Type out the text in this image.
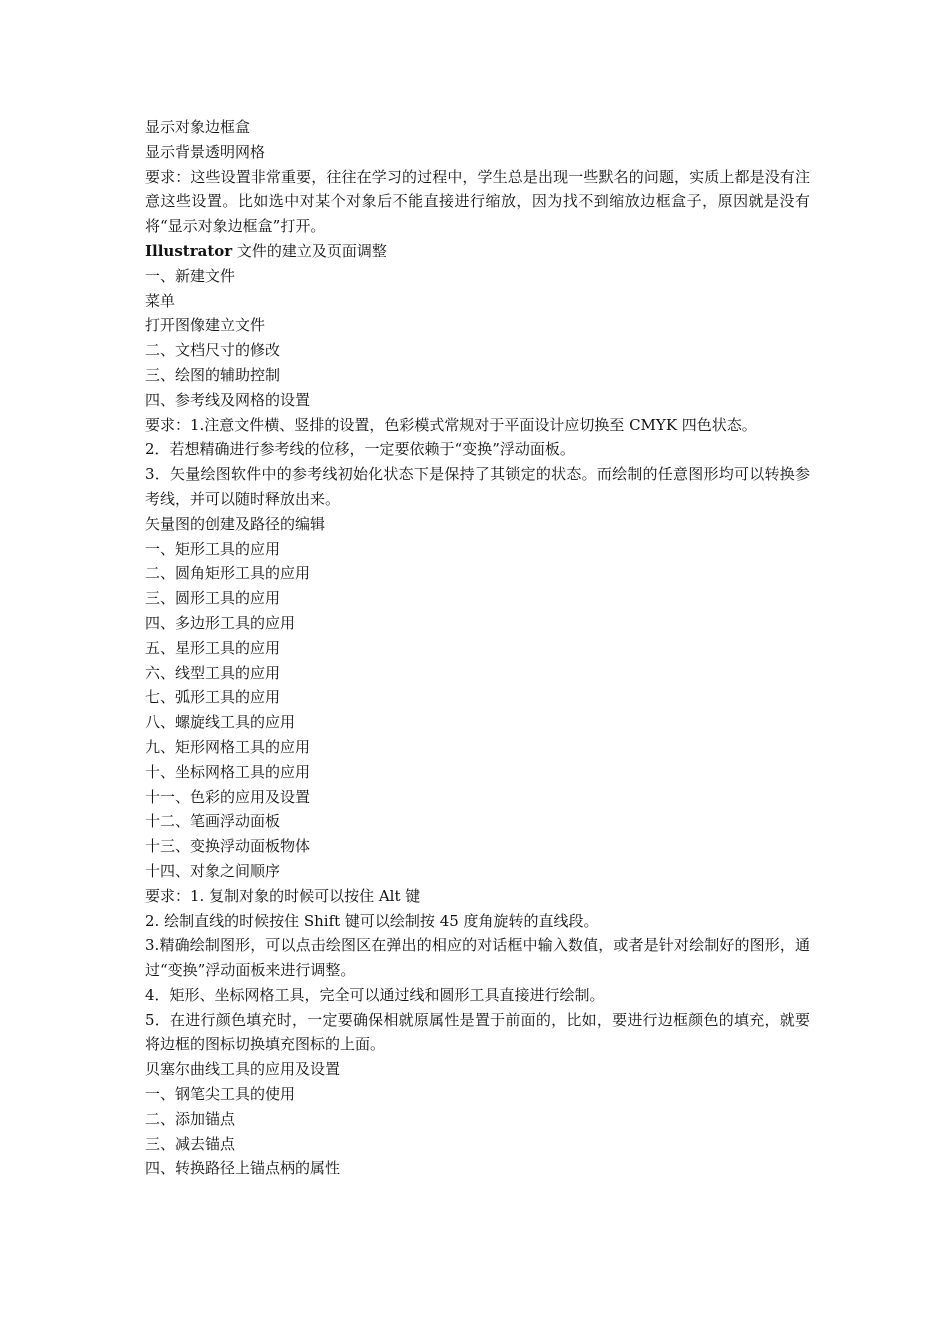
显示对象边框盒
显示背景透明网格
要求：这些设置非常重要，往往在学习的过程中，学生总是出现一些默名的问题，实质上都是没有注意这些设置。比如选中对某个对象后不能直接进行缩放，因为找不到缩放边框盒子，原因就是没有将“显示对象边框盒”打开。
Illustrator 文件的建立及页面调整
一、新建文件
菜单
打开图像建立文件
二、文档尺寸的修改
三、绘图的辅助控制
四、参考线及网格的设置
要求：1.注意文件横、竖排的设置，色彩模式常规对于平面设计应切换至 CMYK 四色状态。
2．若想精确进行参考线的位移，一定要依赖于“变换”浮动面板。
3．矢量绘图软件中的参考线初始化状态下是保持了其锁定的状态。而绘制的任意图形均可以转换参考线，并可以随时释放出来。
矢量图的创建及路径的编辑
一、矩形工具的应用
二、圆角矩形工具的应用
三、圆形工具的应用
四、多边形工具的应用
五、星形工具的应用
六、线型工具的应用
七、弧形工具的应用
八、螺旋线工具的应用
九、矩形网格工具的应用
十、坐标网格工具的应用
十一、色彩的应用及设置
十二、笔画浮动面板
十三、变换浮动面板物体
十四、对象之间顺序
要求：1. 复制对象的时候可以按住 Alt 键
2. 绘制直线的时候按住 Shift 键可以绘制按 45 度角旋转的直线段。
3.精确绘制图形，可以点击绘图区在弹出的相应的对话框中输入数值，或者是针对绘制好的图形，通过“变换”浮动面板来进行调整。
4．矩形、坐标网格工具，完全可以通过线和圆形工具直接进行绘制。
5．在进行颜色填充时，一定要确保相就原属性是置于前面的，比如，要进行边框颜色的填充，就要将边框的图标切换填充图标的上面。
贝塞尔曲线工具的应用及设置
一、钢笔尖工具的使用
二、添加锚点
三、减去锚点
四、转换路径上锚点柄的属性
